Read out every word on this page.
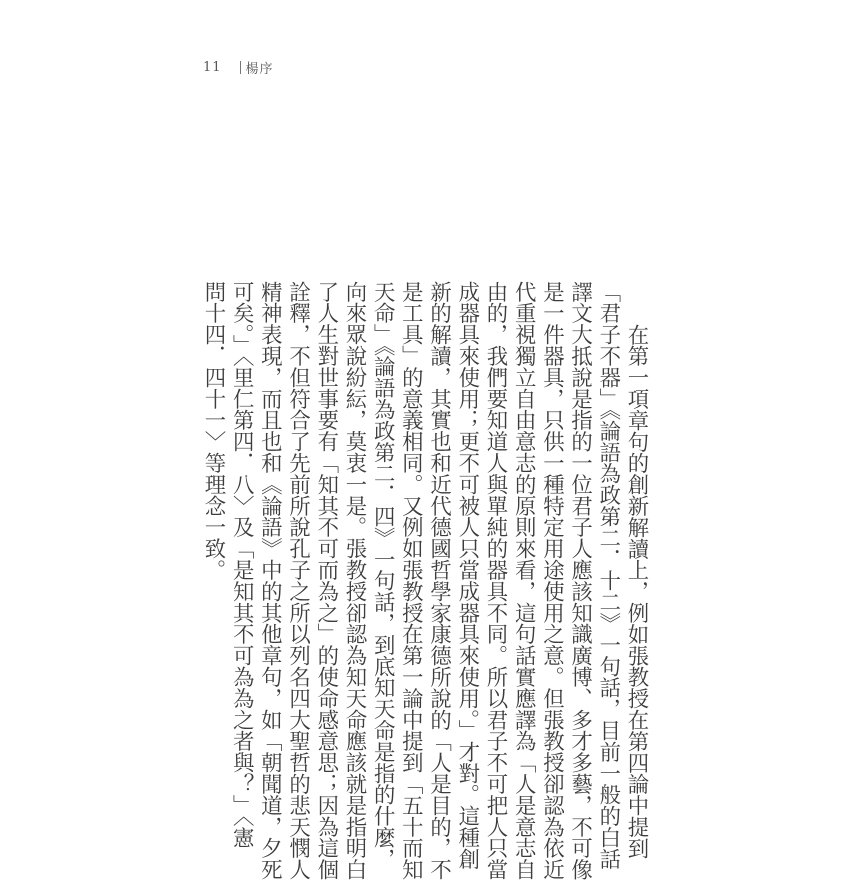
11 楊序
在第一項章句的創新解讀上，例如張教授在第四論中提到
「君子不器」《論語為政第二．十二》一句話，目前一般的白話
譯文大抵說是指的一位君子人應該知識廣博、多才多藝，不可像
是一件器具，只供一種特定用途使用之意。但張教授卻認為依近
代重視獨立自由意志的原則來看，這句話實應譯為「人是意志自
由的，我們要知道人與單純的器具不同。所以君子不可把人只當
成器具來使用；更不可被人只當成器具來使用。」才對。這種創
新的解讀，其實也和近代德國哲學家康德所說的「人是目的，不
是工具」的意義相同。又例如張教授在第一論中提到「五十而知
天命」《論語為政第二．四》一句話，到底知天命是指的什麼，
向來眾說紛紜，莫衷一是。張教授卻認為知天命應該就是指明白
了人生對世事要有「知其不可而為之」的使命感意思；因為這個
詮釋，不但符合了先前所說孔子之所以列名四大聖哲的悲天憫人
精神表現，而且也和《論語》中的其他章句，如「朝聞道，夕死
可矣。」〈里仁第四．八〉及「是知其不可為為之者與？」〈憲
問十四．四十一〉等理念一致。
